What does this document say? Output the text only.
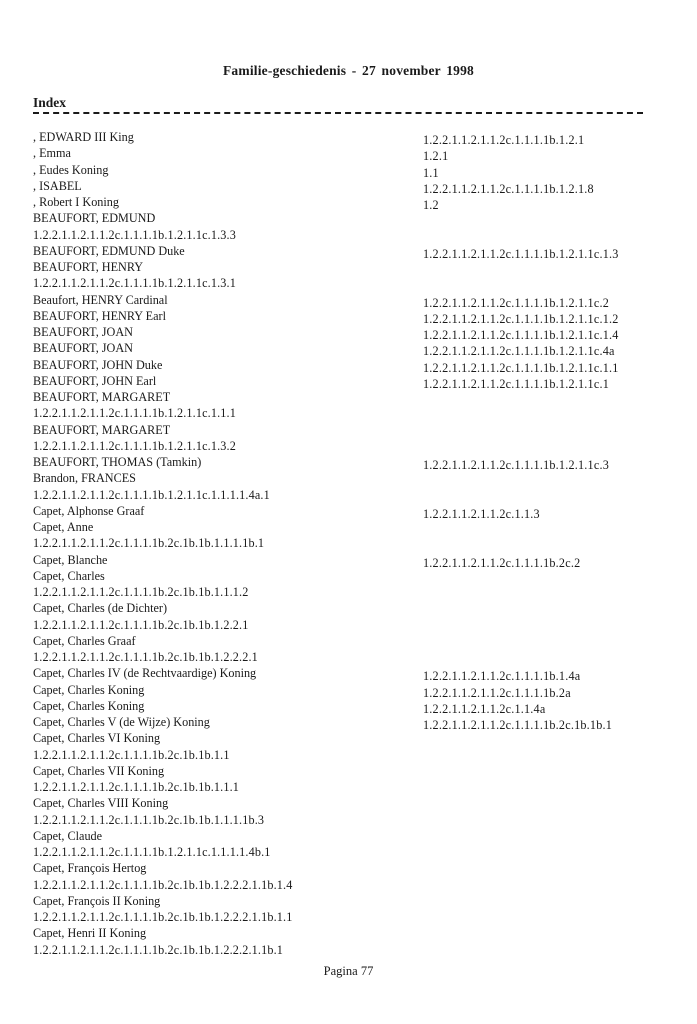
Familie-geschiedenis - 27 november 1998
Index
, EDWARD III King	1.2.2.1.1.2.1.1.2c.1.1.1.1b.1.2.1
, Emma	1.2.1
, Eudes Koning	1.1
, ISABEL	1.2.2.1.1.2.1.1.2c.1.1.1.1b.1.2.1.8
, Robert I Koning	1.2
BEAUFORT, EDMUND
1.2.2.1.1.2.1.1.2c.1.1.1.1b.1.2.1.1c.1.3.3
BEAUFORT, EDMUND Duke	1.2.2.1.1.2.1.1.2c.1.1.1.1b.1.2.1.1c.1.3
BEAUFORT, HENRY
1.2.2.1.1.2.1.1.2c.1.1.1.1b.1.2.1.1c.1.3.1
Beaufort, HENRY Cardinal	1.2.2.1.1.2.1.1.2c.1.1.1.1b.1.2.1.1c.2
BEAUFORT, HENRY Earl	1.2.2.1.1.2.1.1.2c.1.1.1.1b.1.2.1.1c.1.2
BEAUFORT, JOAN	1.2.2.1.1.2.1.1.2c.1.1.1.1b.1.2.1.1c.1.4
BEAUFORT, JOAN	1.2.2.1.1.2.1.1.2c.1.1.1.1b.1.2.1.1c.4a
BEAUFORT, JOHN Duke	1.2.2.1.1.2.1.1.2c.1.1.1.1b.1.2.1.1c.1.1
BEAUFORT, JOHN Earl	1.2.2.1.1.2.1.1.2c.1.1.1.1b.1.2.1.1c.1
BEAUFORT, MARGARET
1.2.2.1.1.2.1.1.2c.1.1.1.1b.1.2.1.1c.1.1.1
BEAUFORT, MARGARET
1.2.2.1.1.2.1.1.2c.1.1.1.1b.1.2.1.1c.1.3.2
BEAUFORT, THOMAS (Tamkin)	1.2.2.1.1.2.1.1.2c.1.1.1.1b.1.2.1.1c.3
Brandon, FRANCES
1.2.2.1.1.2.1.1.2c.1.1.1.1b.1.2.1.1c.1.1.1.1.4a.1
Capet, Alphonse Graaf	1.2.2.1.1.2.1.1.2c.1.1.3
Capet, Anne
1.2.2.1.1.2.1.1.2c.1.1.1.1b.2c.1b.1b.1.1.1.1b.1
Capet, Blanche	1.2.2.1.1.2.1.1.2c.1.1.1.1b.2c.2
Capet, Charles
1.2.2.1.1.2.1.1.2c.1.1.1.1b.2c.1b.1b.1.1.1.2
Capet, Charles (de Dichter)
1.2.2.1.1.2.1.1.2c.1.1.1.1b.2c.1b.1b.1.2.2.1
Capet, Charles Graaf
1.2.2.1.1.2.1.1.2c.1.1.1.1b.2c.1b.1b.1.2.2.2.1
Capet, Charles IV (de Rechtvaardige) Koning	1.2.2.1.1.2.1.1.2c.1.1.1.1b.1.4a
Capet, Charles Koning	1.2.2.1.1.2.1.1.2c.1.1.1.1b.2a
Capet, Charles Koning	1.2.2.1.1.2.1.1.2c.1.1.4a
Capet, Charles V (de Wijze) Koning	1.2.2.1.1.2.1.1.2c.1.1.1.1b.2c.1b.1b.1
Capet, Charles VI Koning
1.2.2.1.1.2.1.1.2c.1.1.1.1b.2c.1b.1b.1.1
Capet, Charles VII Koning
1.2.2.1.1.2.1.1.2c.1.1.1.1b.2c.1b.1b.1.1.1
Capet, Charles VIII Koning
1.2.2.1.1.2.1.1.2c.1.1.1.1b.2c.1b.1b.1.1.1.1b.3
Capet, Claude
1.2.2.1.1.2.1.1.2c.1.1.1.1b.1.2.1.1c.1.1.1.1.4b.1
Capet, François Hertog
1.2.2.1.1.2.1.1.2c.1.1.1.1b.2c.1b.1b.1.2.2.2.1.1b.1.4
Capet, François II Koning
1.2.2.1.1.2.1.1.2c.1.1.1.1b.2c.1b.1b.1.2.2.2.1.1b.1.1
Capet, Henri II Koning
1.2.2.1.1.2.1.1.2c.1.1.1.1b.2c.1b.1b.1.2.2.2.1.1b.1
Pagina 77
